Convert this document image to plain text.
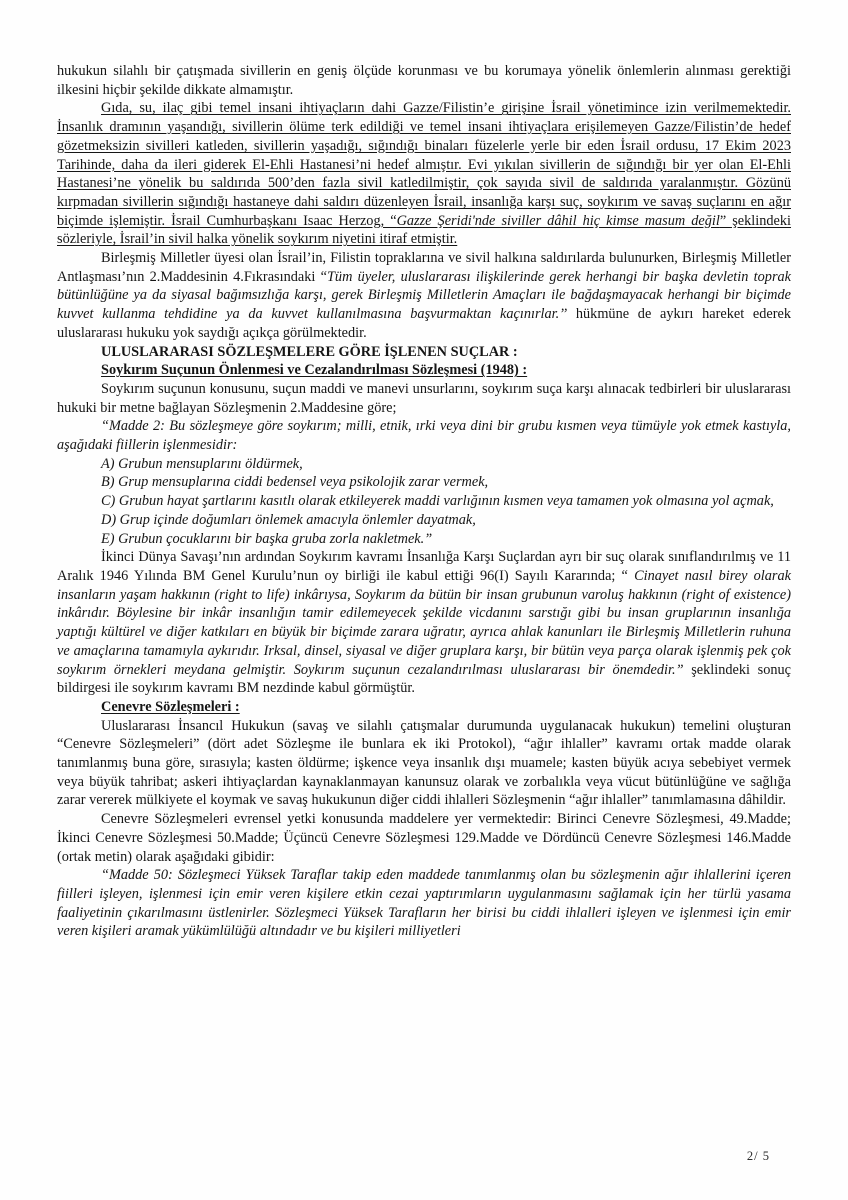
hukukun silahlı bir çatışmada sivillerin en geniş ölçüde korunması ve bu korumaya yönelik önlemlerin alınması gerektiği ilkesini hiçbir şekilde dikkate almamıştır.

Gıda, su, ilaç gibi temel insani ihtiyaçların dahi Gazze/Filistin’e girişine İsrail yönetimince izin verilmemektedir. İnsanlık dramının yaşandığı, sivillerin ölüme terk edildiği ve temel insani ihtiyaçlara erişilemeyen Gazze/Filistin’de hedef gözetmeksizin sivilleri katleden, sivillerin yaşadığı, sığındığı binaları füzelerle yerle bir eden İsrail ordusu, 17 Ekim 2023 Tarihinde, daha da ileri giderek El-Ehli Hastanesi’ni hedef almıştır. Evi yıkılan sivillerin de sığındığı bir yer olan El-Ehli Hastanesi’ne yönelik bu saldırıda 500’den fazla sivil katledilmiştir, çok sayıda sivil de saldırıda yaralanmıştır. Gözünü kırpmadan sivillerin sığındığı hastaneye dahi saldırı düzenleyen İsrail, insanlığa karşı suç, soykırım ve savaş suçlarını en ağır biçimde işlemiştir. İsrail Cumhurbaşkanı Isaac Herzog, “Gazze Şeridi'nde siviller dâhil hiç kimse masum değil” şeklindeki sözleriyle, İsrail’in sivil halka yönelik soykırım niyetini itiraf etmiştir.

Birleşmiş Milletler üyesi olan İsrail’in, Filistin topraklarına ve sivil halkına saldırılarda bulunurken, Birleşmiş Milletler Antlaşması’nın 2.Maddesinin 4.Fıkrasındaki “Tüm üyeler, uluslararası ilişkilerinde gerek herhangi bir başka devletin toprak bütünlüğüne ya da siyasal bağımsızlığa karşı, gerek Birleşmiş Milletlerin Amaçları ile bağdaşmayacak herhangi bir biçimde kuvvet kullanma tehdidine ya da kuvvet kullanılmasına başvurmaktan kaçınırlar.’’ hükmüne de aykırı hareket ederek uluslararası hukuku yok saydığı açıkça görülmektedir.

ULUSLARARASI SÖZLEŞMELERE GÖRE İŞLENEN SUÇLAR :

Soykırım Suçunun Önlenmesi ve Cezalandırılması Sözleşmesi (1948) :

Soykırım suçunun konusunu, suçun maddi ve manevi unsurlarını, soykırım suça karşı alınacak tedbirleri bir uluslararası hukuki bir metne bağlayan Sözleşmenin 2.Maddesine göre;

“Madde 2: Bu sözleşmeye göre soykırım; milli, etnik, ırki veya dini bir grubu kısmen veya tümüyle yok etmek kastıyla, aşağıdaki fiillerin işlenmesidir:

A) Grubun mensuplarını öldürmek,

B) Grup mensuplarına ciddi bedensel veya psikolojik zarar vermek,

C) Grubun hayat şartlarını kasıtlı olarak etkileyerek maddi varlığının kısmen veya tamamen yok olmasına yol açmak,

D) Grup içinde doğumları önlemek amacıyla önlemler dayatmak,

E) Grubun çocuklarını bir başka gruba zorla nakletmek.”

İkinci Dünya Savaşı’nın ardından Soykırım kavramı İnsanlığa Karşı Suçlardan ayrı bir suç olarak sınıflandırılmış ve 11 Aralık 1946 Yılında BM Genel Kurulu’nun oy birliği ile kabul ettiği 96(I) Sayılı Kararında; “ Cinayet nasıl birey olarak insanların yaşam hakkının (right to life) inkârıysa, Soykırım da bütün bir insan grubunun varoluş hakkının (right of existence) inkârıdır. Böylesine bir inkâr insanlığın tamir edilemeyecek şekilde vicdanını sarstığı gibi bu insan gruplarının insanlığa yaptığı kültürel ve diğer katkıları en büyük bir biçimde zarara uğratır, ayrıca ahlak kanunları ile Birleşmiş Milletlerin ruhuna ve amaçlarına tamamıyla aykırıdır. Irksal, dinsel, siyasal ve diğer gruplara karşı, bir bütün veya parça olarak işlenmiş pek çok soykırım örnekleri meydana gelmiştir. Soykırım suçunun cezalandırılması uluslararası bir önemdedir.” şeklindeki sonuç bildirgesi ile soykırım kavramı BM nezdinde kabul görmüştür.

Cenevre Sözleşmeleri :

Uluslararası İnsancıl Hukukun (savaş ve silahlı çatışmalar durumunda uygulanacak hukukun) temelini oluşturan “Cenevre Sözleşmeleri” (dört adet Sözleşme ile bunlara ek iki Protokol), “ağır ihlaller” kavramı ortak madde olarak tanımlanmış buna göre, sırasıyla; kasten öldürme; işkence veya insanlık dışı muamele; kasten büyük acıya sebebiyet vermek veya büyük tahribat; askeri ihtiyaçlardan kaynaklanmayan kanunsuz olarak ve zorbalıkla veya vücut bütünlüğüne ve sağlığa zarar vererek mülkiyete el koymak ve savaş hukukunun diğer ciddi ihlalleri Sözleşmenin “ağır ihlaller” tanımlamasına dâhildir.

Cenevre Sözleşmeleri evrensel yetki konusunda maddelere yer vermektedir: Birinci Cenevre Sözleşmesi, 49.Madde; İkinci Cenevre Sözleşmesi 50.Madde; Üçüncü Cenevre Sözleşmesi 129.Madde ve Dördüncü Cenevre Sözleşmesi 146.Madde (ortak metin) olarak aşağıdaki gibidir:

“Madde 50: Sözleşmeci Yüksek Taraflar takip eden maddede tanımlanmış olan bu sözleşmenin ağır ihlallerini içeren fiilleri işleyen, işlenmesi için emir veren kişilere etkin cezai yaptırımların uygulanmasını sağlamak için her türlü yasama faaliyetinin çıkarılmasını üstlenirler. Sözleşmeci Yüksek Tarafların her birisi bu ciddi ihlalleri işleyen ve işlenmesi için emir veren kişileri aramak yükümlülüğü altındadır ve bu kişileri milliyetleri

2/ 5
